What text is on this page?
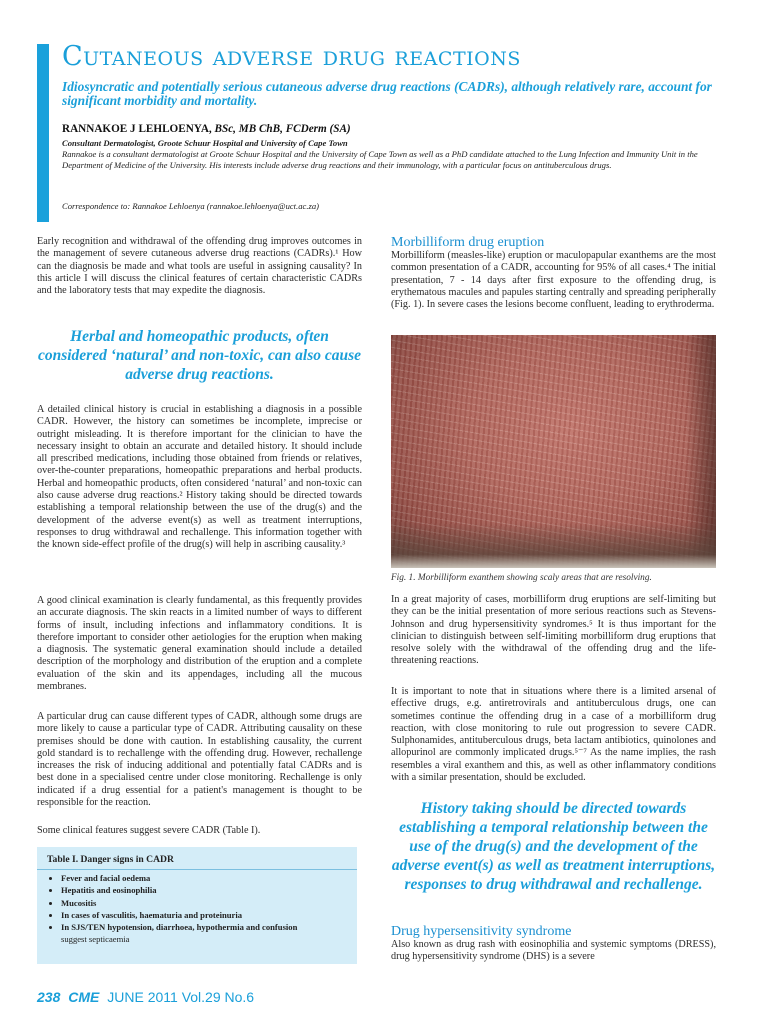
Cutaneous adverse drug reactions

Idiosyncratic and potentially serious cutaneous adverse drug reactions (CADRs), although relatively rare, account for significant morbidity and mortality.

RANNAKOE J LEHLOENYA, BSc, MB ChB, FCDerm (SA)

Consultant Dermatologist, Groote Schuur Hospital and University of Cape Town

Rannakoe is a consultant dermatologist at Groote Schuur Hospital and the University of Cape Town as well as a PhD candidate attached to the Lung Infection and Immunity Unit in the Department of Medicine of the University. His interests include adverse drug reactions and their immunology, with a particular focus on antituberculous drugs.

Correspondence to: Rannakoe Lehloenya (rannakoe.lehloenya@uct.ac.za)

Early recognition and withdrawal of the offending drug improves outcomes in the management of severe cutaneous adverse drug reactions (CADRs).¹ How can the diagnosis be made and what tools are useful in assigning causality? In this article I will discuss the clinical features of certain characteristic CADRs and the laboratory tests that may expedite the diagnosis.

Herbal and homeopathic products, often considered ‘natural’ and non-toxic, can also cause adverse drug reactions.

A detailed clinical history is crucial in establishing a diagnosis in a possible CADR. However, the history can sometimes be incomplete, imprecise or outright misleading. It is therefore important for the clinician to have the necessary insight to obtain an accurate and detailed history. It should include all prescribed medications, including those obtained from friends or relatives, over-the-counter preparations, homeopathic preparations and herbal products. Herbal and homeopathic products, often considered ‘natural’ and non-toxic can also cause adverse drug reactions.² History taking should be directed towards establishing a temporal relationship between the use of the drug(s) and the development of the adverse event(s) as well as treatment interruptions, responses to drug withdrawal and rechallenge. This information together with the known side-effect profile of the drug(s) will help in ascribing causality.³

A good clinical examination is clearly fundamental, as this frequently provides an accurate diagnosis. The skin reacts in a limited number of ways to different forms of insult, including infections and inflammatory conditions. It is therefore important to consider other aetiologies for the eruption when making a diagnosis. The systematic general examination should include a detailed description of the morphology and distribution of the eruption and a complete evaluation of the skin and its appendages, including all the mucous membranes.

A particular drug can cause different types of CADR, although some drugs are more likely to cause a particular type of CADR. Attributing causality on these premises should be done with caution. In establishing causality, the current gold standard is to rechallenge with the offending drug. However, rechallenge increases the risk of inducing additional and potentially fatal CADRs and is best done in a specialised centre under close monitoring. Rechallenge is only indicated if a drug essential for a patient's management is thought to be responsible for the reaction.

Some clinical features suggest severe CADR (Table I).

Table I. Danger signs in CADR
• Fever and facial oedema
• Hepatitis and eosinophilia
• Mucositis
• In cases of vasculitis, haematuria and proteinuria
• In SJS/TEN hypotension, diarrhoea, hypothermia and confusion
suggest septicaemia
Morbilliform drug eruption

Morbilliform (measles-like) eruption or maculopapular exanthems are the most common presentation of a CADR, accounting for 95% of all cases.⁴ The initial presentation, 7 - 14 days after first exposure to the offending drug, is erythematous macules and papules starting centrally and spreading peripherally (Fig. 1). In severe cases the lesions become confluent, leading to erythroderma.

Fig. 1. Morbilliform exanthem showing scaly areas that are resolving.

In a great majority of cases, morbilliform drug eruptions are self-limiting but they can be the initial presentation of more serious reactions such as Stevens-Johnson and drug hypersensitivity syndromes.⁵ It is thus important for the clinician to distinguish between self-limiting morbilliform drug eruptions that resolve solely with the withdrawal of the offending drug and the life-threatening reactions.

It is important to note that in situations where there is a limited arsenal of effective drugs, e.g. antiretrovirals and antituberculous drugs, one can sometimes continue the offending drug in a case of a morbilliform drug reaction, with close monitoring to rule out progression to severe CADR. Sulphonamides, antituberculous drugs, beta lactam antibiotics, quinolones and allopurinol are commonly implicated drugs.⁵⁻⁷ As the name implies, the rash resembles a viral exanthem and this, as well as other inflammatory conditions with a similar presentation, should be excluded.

History taking should be directed towards establishing a temporal relationship between the use of the drug(s) and the development of the adverse event(s) as well as treatment interruptions, responses to drug withdrawal and rechallenge.

Drug hypersensitivity syndrome

Also known as drug rash with eosinophilia and systemic symptoms (DRESS), drug hypersensitivity syndrome (DHS) is a severe

238 CME JUNE 2011 Vol.29 No.6
